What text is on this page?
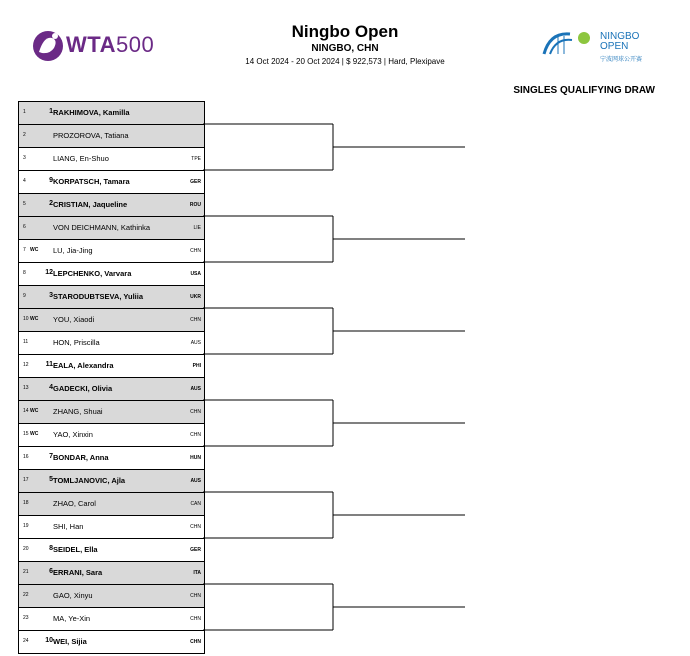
WTA500
Ningbo Open
NINGBO, CHN
14 Oct 2024 - 20 Oct 2024 | $ 922,573 | Hard, Plexipave
NINGBO
OPEN
宁波网球公开赛
SINGLES QUALIFYING DRAW
1	1 RAKHIMOVA, Kamilla
2	PROZOROVA, Tatiana
3	LIANG, En-Shuo	TPE
4	9 KORPATSCH, Tamara	GER
5	2 CRISTIAN, Jaqueline	ROU
6	VON DEICHMANN, Kathinka	LIE
7 WC LU, Jia-Jing	CHN
8	12 LEPCHENKO, Varvara	USA
9	3 STARODUBTSEVA, Yuliia	UKR
10 WC YOU, Xiaodi	CHN
11	HON, Priscilla	AUS
12 11 EALA, Alexandra	PHI
13	4 GADECKI, Olivia	AUS
14 WC ZHANG, Shuai	CHN
15 WC YAO, Xinxin	CHN
16	7 BONDAR, Anna	HUN
17	5 TOMLJANOVIC, Ajla	AUS
18	ZHAO, Carol	CAN
19	SHI, Han	CHN
20	8 SEIDEL, Ella	GER
21	6 ERRANI, Sara	ITA
22	GAO, Xinyu	CHN
23	MA, Ye-Xin	CHN
24 10 WEI, Sijia	CHN
